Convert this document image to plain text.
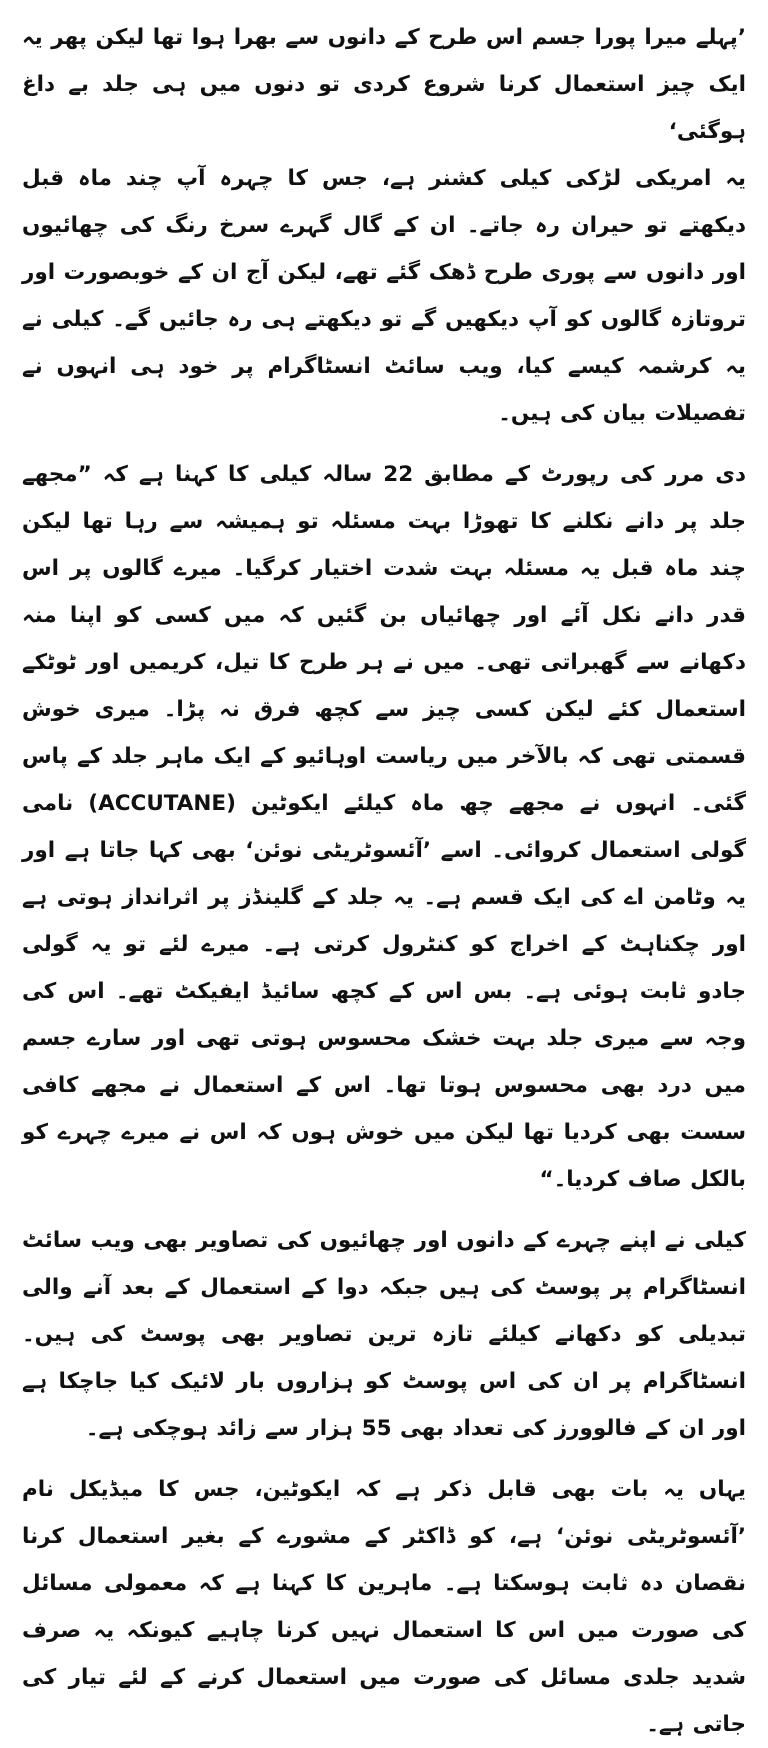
’پہلے میرا پورا جسم اس طرح کے دانوں سے بھرا ہوا تھا لیکن پھر یہ ایک چیز استعمال کرنا شروع کردی تو دنوں میں ہی جلد بے داغ ہوگئی‘

یہ امریکی لڑکی کیلی کشنر ہے، جس کا چہرہ آپ چند ماہ قبل دیکھتے تو حیران رہ جاتے۔ ان کے گال گہرے سرخ رنگ کی چھائیوں اور دانوں سے پوری طرح ڈھک گئے تھے، لیکن آج ان کے خوبصورت اور تروتازہ گالوں کو آپ دیکھیں گے تو دیکھتے ہی رہ جائیں گے۔ کیلی نے یہ کرشمہ کیسے کیا، ویب سائٹ انسٹاگرام پر خود ہی انہوں نے تفصیلات بیان کی ہیں۔

دی مرر کی رپورٹ کے مطابق 22 سالہ کیلی کا کہنا ہے کہ ”مجھے جلد پر دانے نکلنے کا تھوڑا بہت مسئلہ تو ہمیشہ سے رہا تھا لیکن چند ماہ قبل یہ مسئلہ بہت شدت اختیار کرگیا۔ میرے گالوں پر اس قدر دانے نکل آئے اور چھائیاں بن گئیں کہ میں کسی کو اپنا منہ دکھانے سے گھبراتی تھی۔ میں نے ہر طرح کا تیل، کریمیں اور ٹوٹکے استعمال کئے لیکن کسی چیز سے کچھ فرق نہ پڑا۔ میری خوش قسمتی تھی کہ بالآخر میں ریاست اوہائیو کے ایک ماہر جلد کے پاس گئی۔ انہوں نے مجھے چھ ماہ کیلئے ایکوٹین (ACCUTANE) نامی گولی استعمال کروائی۔ اسے ’آئسوٹریٹی نوئن‘ بھی کہا جاتا ہے اور یہ وٹامن اے کی ایک قسم ہے۔ یہ جلد کے گلینڈز پر اثرانداز ہوتی ہے اور چکناہٹ کے اخراج کو کنٹرول کرتی ہے۔ میرے لئے تو یہ گولی جادو ثابت ہوئی ہے۔ بس اس کے کچھ سائیڈ ایفیکٹ تھے۔ اس کی وجہ سے میری جلد بہت خشک محسوس ہوتی تھی اور سارے جسم میں درد بھی محسوس ہوتا تھا۔ اس کے استعمال نے مجھے کافی سست بھی کردیا تھا لیکن میں خوش ہوں کہ اس نے میرے چہرے کو بالکل صاف کردیا۔“

کیلی نے اپنے چہرے کے دانوں اور چھائیوں کی تصاویر بھی ویب سائٹ انسٹاگرام پر پوسٹ کی ہیں جبکہ دوا کے استعمال کے بعد آنے والی تبدیلی کو دکھانے کیلئے تازہ ترین تصاویر بھی پوسٹ کی ہیں۔ انسٹاگرام پر ان کی اس پوسٹ کو ہزاروں بار لائیک کیا جاچکا ہے اور ان کے فالوورز کی تعداد بھی 55 ہزار سے زائد ہوچکی ہے۔

یہاں یہ بات بھی قابل ذکر ہے کہ ایکوٹین، جس کا میڈیکل نام ’آئسوٹریٹی نوئن‘ ہے، کو ڈاکٹر کے مشورے کے بغیر استعمال کرنا نقصان دہ ثابت ہوسکتا ہے۔ ماہرین کا کہنا ہے کہ معمولی مسائل کی صورت میں اس کا استعمال نہیں کرنا چاہیے کیونکہ یہ صرف شدید جلدی مسائل کی صورت میں استعمال کرنے کے لئے تیار کی جاتی ہے۔
